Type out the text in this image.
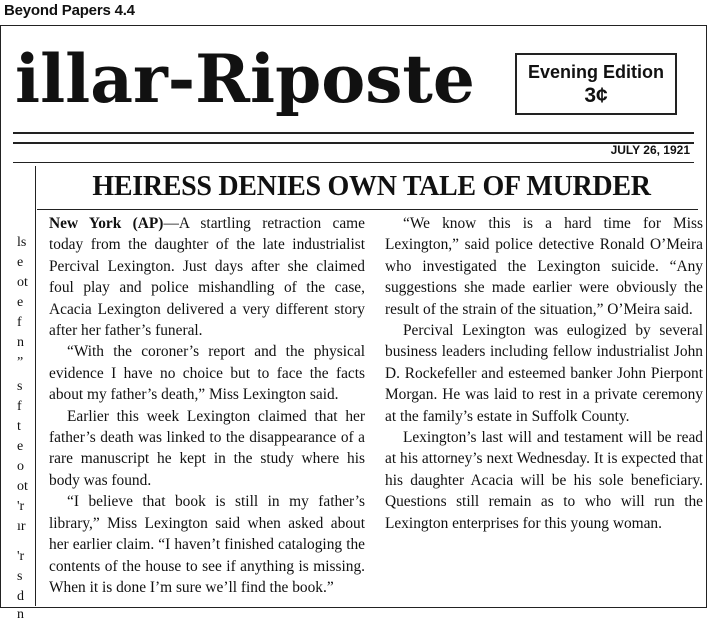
Beyond Papers 4.4
illar-Riposte	Evening Edition
3¢
JULY 26, 1921
ls
e
ot
e
f
n
”
s
f
t
e
o
ot
'r
ır
'r
s
d
n
HEIRESS DENIES OWN TALE OF MURDER

New York (AP)—A startling retraction came today from the daughter of the late industrialist Percival Lexington. Just days after she claimed foul play and police mishandling of the case, Acacia Lexington delivered a very different story after her father’s funeral.

“With the coroner’s report and the physical evidence I have no choice but to face the facts about my father’s death,” Miss Lexington said.

Earlier this week Lexington claimed that her father’s death was linked to the disappearance of a rare manuscript he kept in the study where his body was found.

“I believe that book is still in my father’s library,” Miss Lexington said when asked about her earlier claim. “I haven’t finished cataloging the contents of the house to see if anything is missing. When it is done I’m sure we’ll find the book.”

“We know this is a hard time for Miss Lexington,” said police detective Ronald O’Meira who investigated the Lexington suicide. “Any suggestions she made earlier were obviously the result of the strain of the situation,” O’Meira said.

Percival Lexington was eulogized by several business leaders including fellow industrialist John D. Rockefeller and esteemed banker John Pierpont Morgan. He was laid to rest in a private ceremony at the family’s estate in Suffolk County.

Lexington’s last will and testament will be read at his attorney’s next Wednesday. It is expected that his daughter Acacia will be his sole beneficiary. Questions still remain as to who will run the Lexington enterprises for this young woman.
